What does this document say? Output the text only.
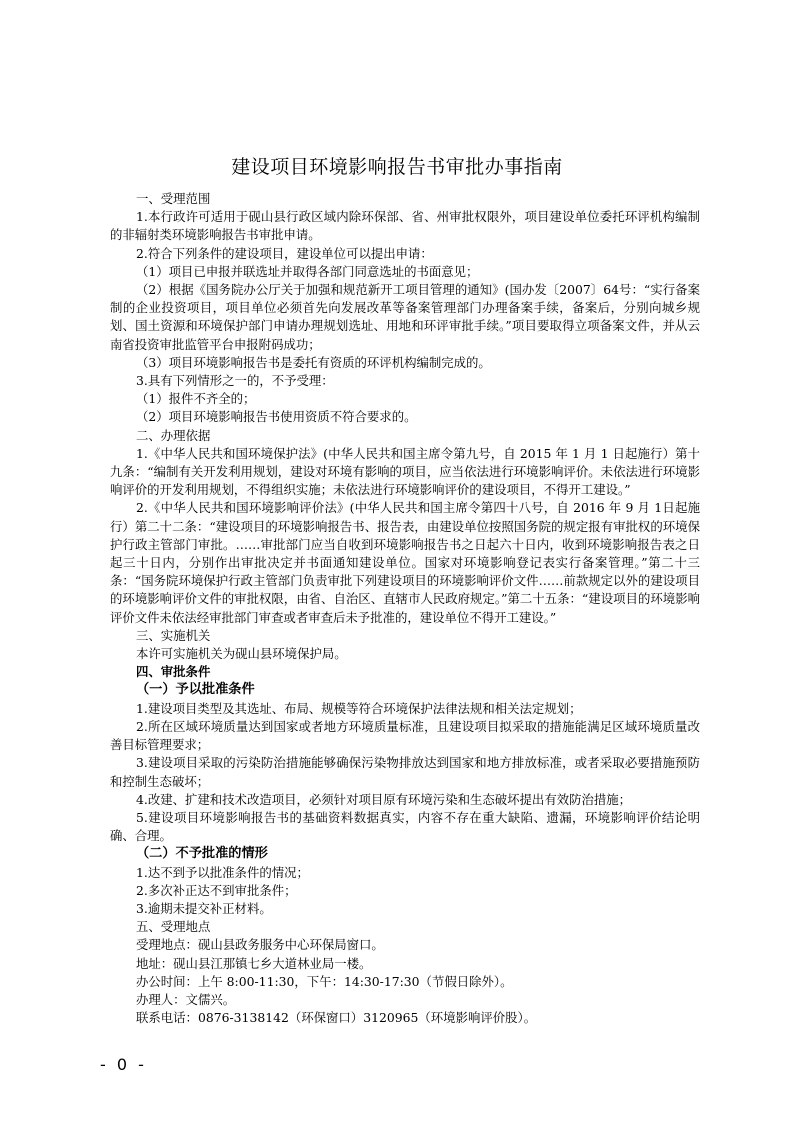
建设项目环境影响报告书审批办事指南

一、受理范围

1.本行政许可适用于砚山县行政区域内除环保部、省、州审批权限外，项目建设单位委托环评机构编制的非辐射类环境影响报告书审批申请。

2.符合下列条件的建设项目，建设单位可以提出申请：

（1）项目已申报并联选址并取得各部门同意选址的书面意见；

（2）根据《国务院办公厅关于加强和规范新开工项目管理的通知》(国办发〔2007〕64号：“实行备案制的企业投资项目，项目单位必须首先向发展改革等备案管理部门办理备案手续，备案后，分别向城乡规划、国土资源和环境保护部门申请办理规划选址、用地和环评审批手续。”项目要取得立项备案文件，并从云南省投资审批监管平台申报附码成功；

（3）项目环境影响报告书是委托有资质的环评机构编制完成的。

3.具有下列情形之一的，不予受理：

（1）报件不齐全的；

（2）项目环境影响报告书使用资质不符合要求的。

二、办理依据

1.《中华人民共和国环境保护法》(中华人民共和国主席令第九号，自 2015 年 1 月 1 日起施行）第十九条：“编制有关开发利用规划，建设对环境有影响的项目，应当依法进行环境影响评价。未依法进行环境影响评价的开发利用规划，不得组织实施；未依法进行环境影响评价的建设项目，不得开工建设。”

2.《中华人民共和国环境影响评价法》(中华人民共和国主席令第四十八号，自 2016 年 9 月 1日起施行）第二十二条：“建设项目的环境影响报告书、报告表，由建设单位按照国务院的规定报有审批权的环境保护行政主管部门审批。……审批部门应当自收到环境影响报告书之日起六十日内，收到环境影响报告表之日起三十日内，分别作出审批决定并书面通知建设单位。国家对环境影响登记表实行备案管理。”第二十三条：“国务院环境保护行政主管部门负责审批下列建设项目的环境影响评价文件……前款规定以外的建设项目的环境影响评价文件的审批权限，由省、自治区、直辖市人民政府规定。”第二十五条：“建设项目的环境影响评价文件未依法经审批部门审查或者审查后未予批准的，建设单位不得开工建设。”

三、实施机关

本许可实施机关为砚山县环境保护局。

四、审批条件

（一）予以批准条件

1.建设项目类型及其选址、布局、规模等符合环境保护法律法规和相关法定规划；

2.所在区域环境质量达到国家或者地方环境质量标准，且建设项目拟采取的措施能满足区域环境质量改善目标管理要求；

3.建设项目采取的污染防治措施能够确保污染物排放达到国家和地方排放标准，或者采取必要措施预防和控制生态破坏；

4.改建、扩建和技术改造项目，必须针对项目原有环境污染和生态破坏提出有效防治措施；

5.建设项目环境影响报告书的基础资料数据真实，内容不存在重大缺陷、遗漏，环境影响评价结论明确、合理。

（二）不予批准的情形

1.达不到予以批准条件的情况；

2.多次补正达不到审批条件；

3.逾期未提交补正材料。

五、受理地点

受理地点：砚山县政务服务中心环保局窗口。

地址：砚山县江那镇七乡大道林业局一楼。

办公时间：上午 8:00-11:30，下午：14:30-17:30（节假日除外）。

办理人：文儒兴。

联系电话：0876-3138142（环保窗口）3120965（环境影响评价股）。

- 0 -
